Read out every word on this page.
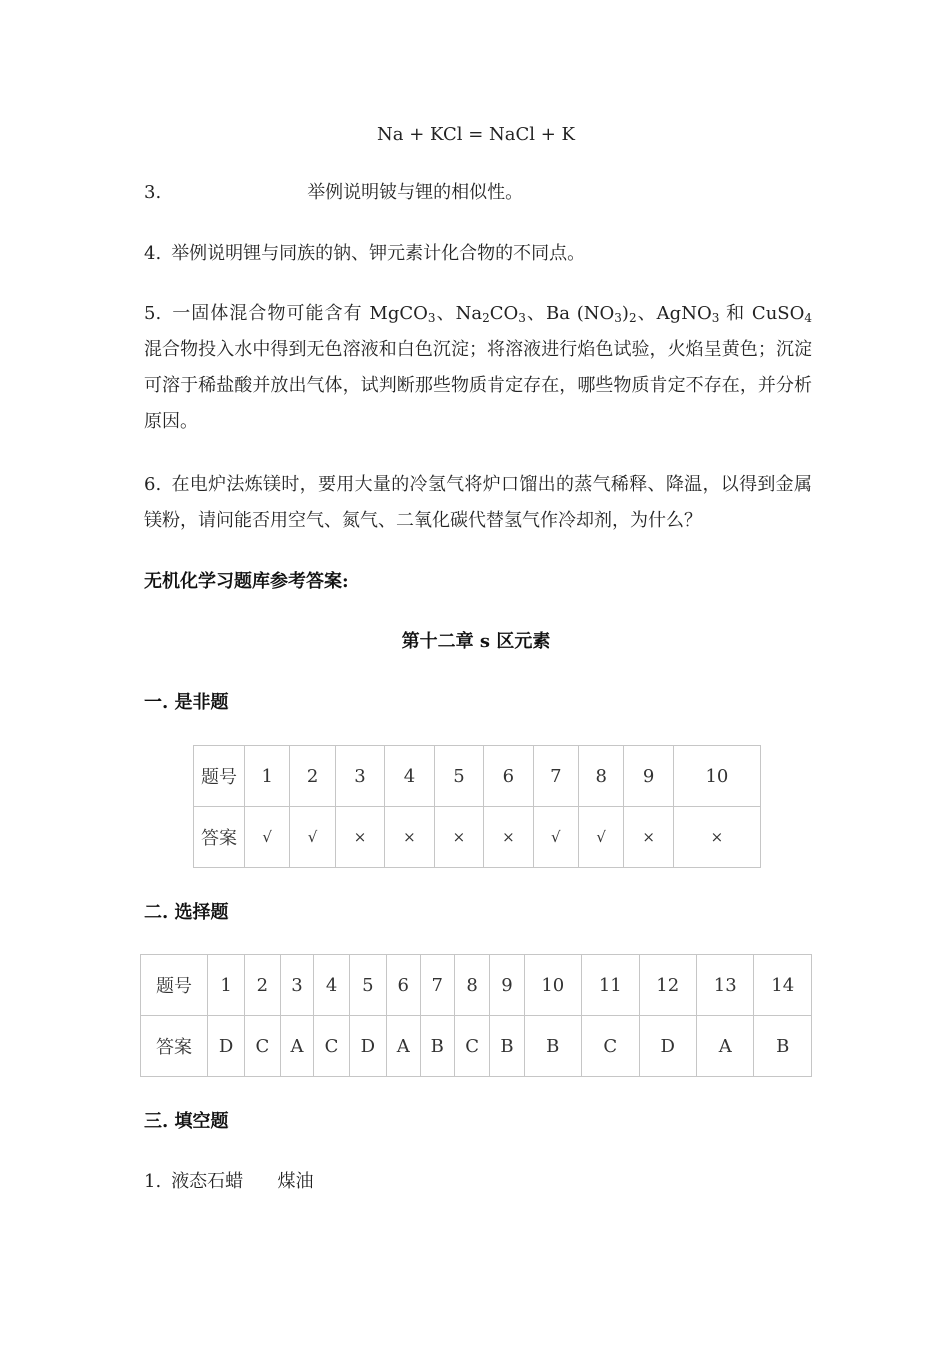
Na + KCl = NaCl + K
3.	举例说明铍与锂的相似性。
4. 举例说明锂与同族的钠、钾元素计化合物的不同点。
5. 一固体混合物可能含有 MgCO$_3$、$Na_2CO_3$、Ba $(NO_3)_2$、AgNO$_3$ 和 CuSO$_4$ 混合物投入水中得到无色溶液和白色沉淀；将溶液进行焰色试验，火焰呈黄色；沉淀可溶于稀盐酸并放出气体，试判断那些物质肯定存在，哪些物质肯定不存在，并分析原因。
6. 在电炉法炼镁时，要用大量的冷氢气将炉口馏出的蒸气稀释、降温，以得到金属镁粉，请问能否用空气、氮气、二氧化碳代替氢气作冷却剂，为什么？
无机化学习题库参考答案:
第十二章 s 区元素
一. 是非题
题号	1	2	3	4	5	6	7	8	9	10
答案	√	√	×	×	×	×	√	√	×	×
二. 选择题
题号	1	2	3	4	5	6	7	8	9	10	11	12	13	14
答案	D	C	A	C	D	A	B	C	B	B	C	D	A	B
三. 填空题
1. 液态石蜡      煤油
